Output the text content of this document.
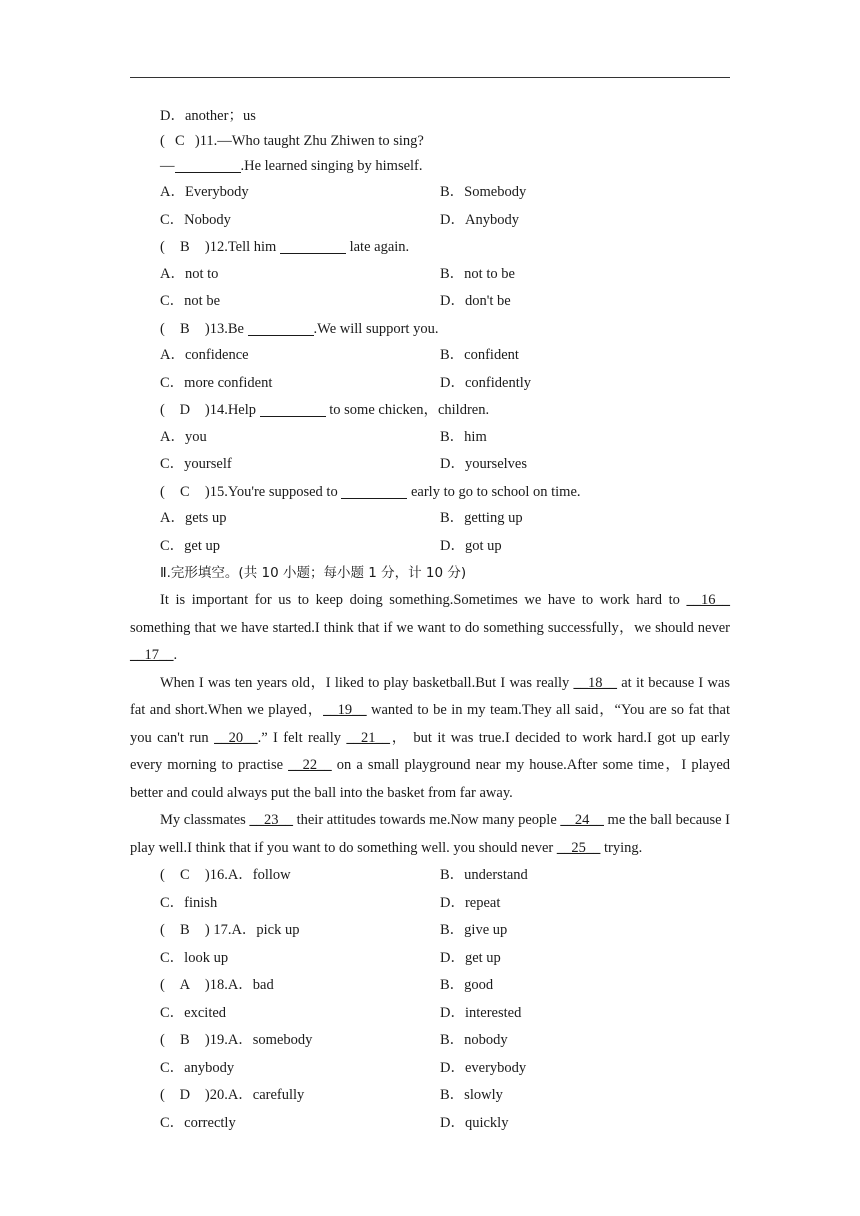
D．another；us
( C )11.—Who taught Zhu Zhiwen to sing?
—	.He learned singing by himself.
A．Everybody	B．Somebody
C．Nobody	D．Anybody
( B )12.Tell him	late again.
A．not to	B．not to be
C．not be	D．don't be
( B )13.Be	.We will support you.
A．confidence	B．confident
C．more confident	D．confidently
( D )14.Help	to some chicken，children.
A．you	B．him
C．yourself	D．yourselves
( C )15.You're supposed to	early to go to school on time.
A．gets up	B．getting up
C．get up	D．got up
Ⅱ.完形填空。(共 10 小题；每小题 1 分，计 10 分)

It is important for us to keep doing something.Sometimes we have to work hard to __16__ something that we have started.I think that if we want to do something successfully，we should never __17__.

When I was ten years old，I liked to play basketball.But I was really __18__ at it because I was fat and short.When we played，__19__ wanted to be in my team.They all said，“You are so fat that you can't run __20__.” I felt really __21__， but it was true.I decided to work hard.I got up early every morning to practise __22__ on a small playground near my house.After some time，I played better and could always put the ball into the basket from far away.

My classmates __23__ their attitudes towards me.Now many people __24__ me the ball because I play well.I think that if you want to do something well. you should never __25__ trying.

( C )16.A．follow	B．understand
C．finish	D．repeat
( B ) 17.A．pick up	B．give up
C．look up	D．get up
( A )18.A．bad	B．good
C．excited	D．interested
( B )19.A．somebody	B．nobody
C．anybody	D．everybody
( D )20.A．carefully	B．slowly
C．correctly	D．quickly
